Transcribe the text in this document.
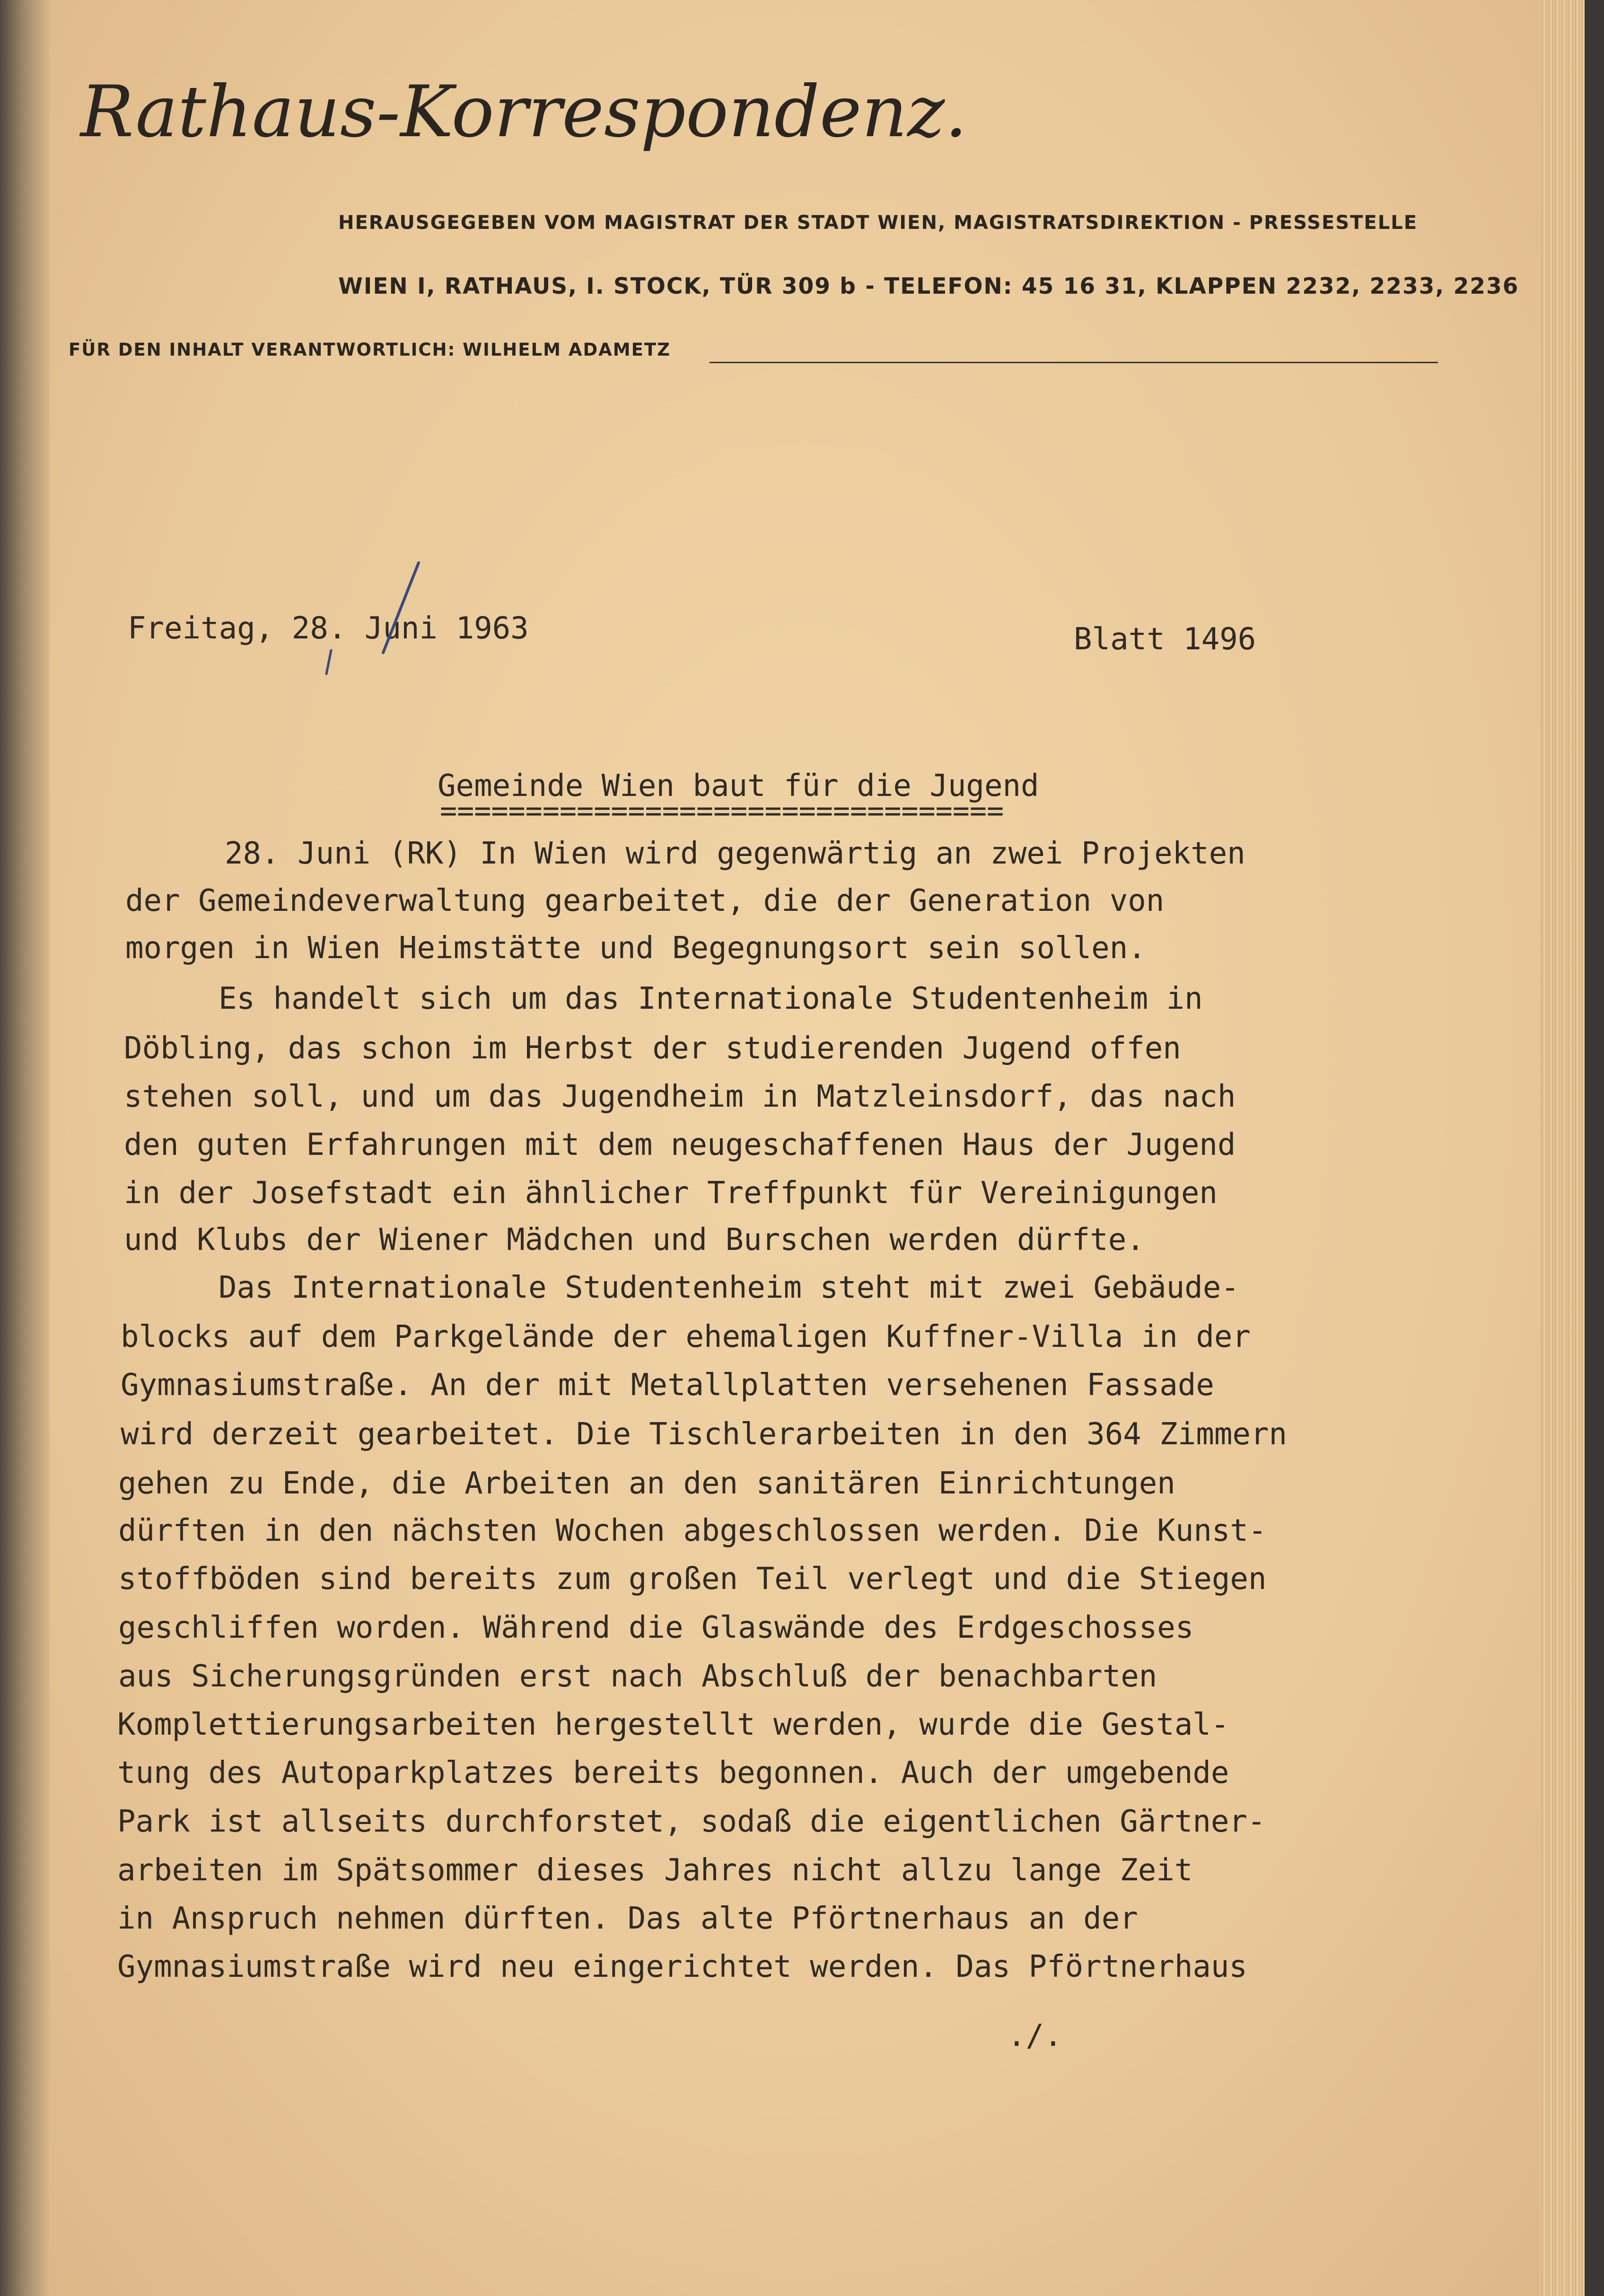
Rathaus-Korrespondenz.
HERAUSGEGEBEN VOM MAGISTRAT DER STADT WIEN, MAGISTRATSDIREKTION - PRESSESTELLE
WIEN I, RATHAUS, I. STOCK, TÜR 309 b - TELEFON: 45 16 31, KLAPPEN 2232, 2233, 2236
FÜR DEN INHALT VERANTWORTLICH: WILHELM ADAMETZ
Freitag, 28. Juni 1963	Blatt 1496
Gemeinde Wien baut für die Jugend
=================================
28. Juni (RK) In Wien wird gegenwärtig an zwei Projekten
der Gemeindeverwaltung gearbeitet, die der Generation von
morgen in Wien Heimstätte und Begegnungsort sein sollen.
Es handelt sich um das Internationale Studentenheim in
Döbling, das schon im Herbst der studierenden Jugend offen
stehen soll, und um das Jugendheim in Matzleinsdorf, das nach
den guten Erfahrungen mit dem neugeschaffenen Haus der Jugend
in der Josefstadt ein ähnlicher Treffpunkt für Vereinigungen
und Klubs der Wiener Mädchen und Burschen werden dürfte.
Das Internationale Studentenheim steht mit zwei Gebäude-
blocks auf dem Parkgelände der ehemaligen Kuffner-Villa in der
Gymnasiumstraße. An der mit Metallplatten versehenen Fassade
wird derzeit gearbeitet. Die Tischlerarbeiten in den 364 Zimmern
gehen zu Ende, die Arbeiten an den sanitären Einrichtungen
dürften in den nächsten Wochen abgeschlossen werden. Die Kunst-
stoffböden sind bereits zum großen Teil verlegt und die Stiegen
geschliffen worden. Während die Glaswände des Erdgeschosses
aus Sicherungsgründen erst nach Abschluß der benachbarten
Komplettierungsarbeiten hergestellt werden, wurde die Gestal-
tung des Autoparkplatzes bereits begonnen. Auch der umgebende
Park ist allseits durchforstet, sodaß die eigentlichen Gärtner-
arbeiten im Spätsommer dieses Jahres nicht allzu lange Zeit
in Anspruch nehmen dürften. Das alte Pförtnerhaus an der
Gymnasiumstraße wird neu eingerichtet werden. Das Pförtnerhaus
./.
